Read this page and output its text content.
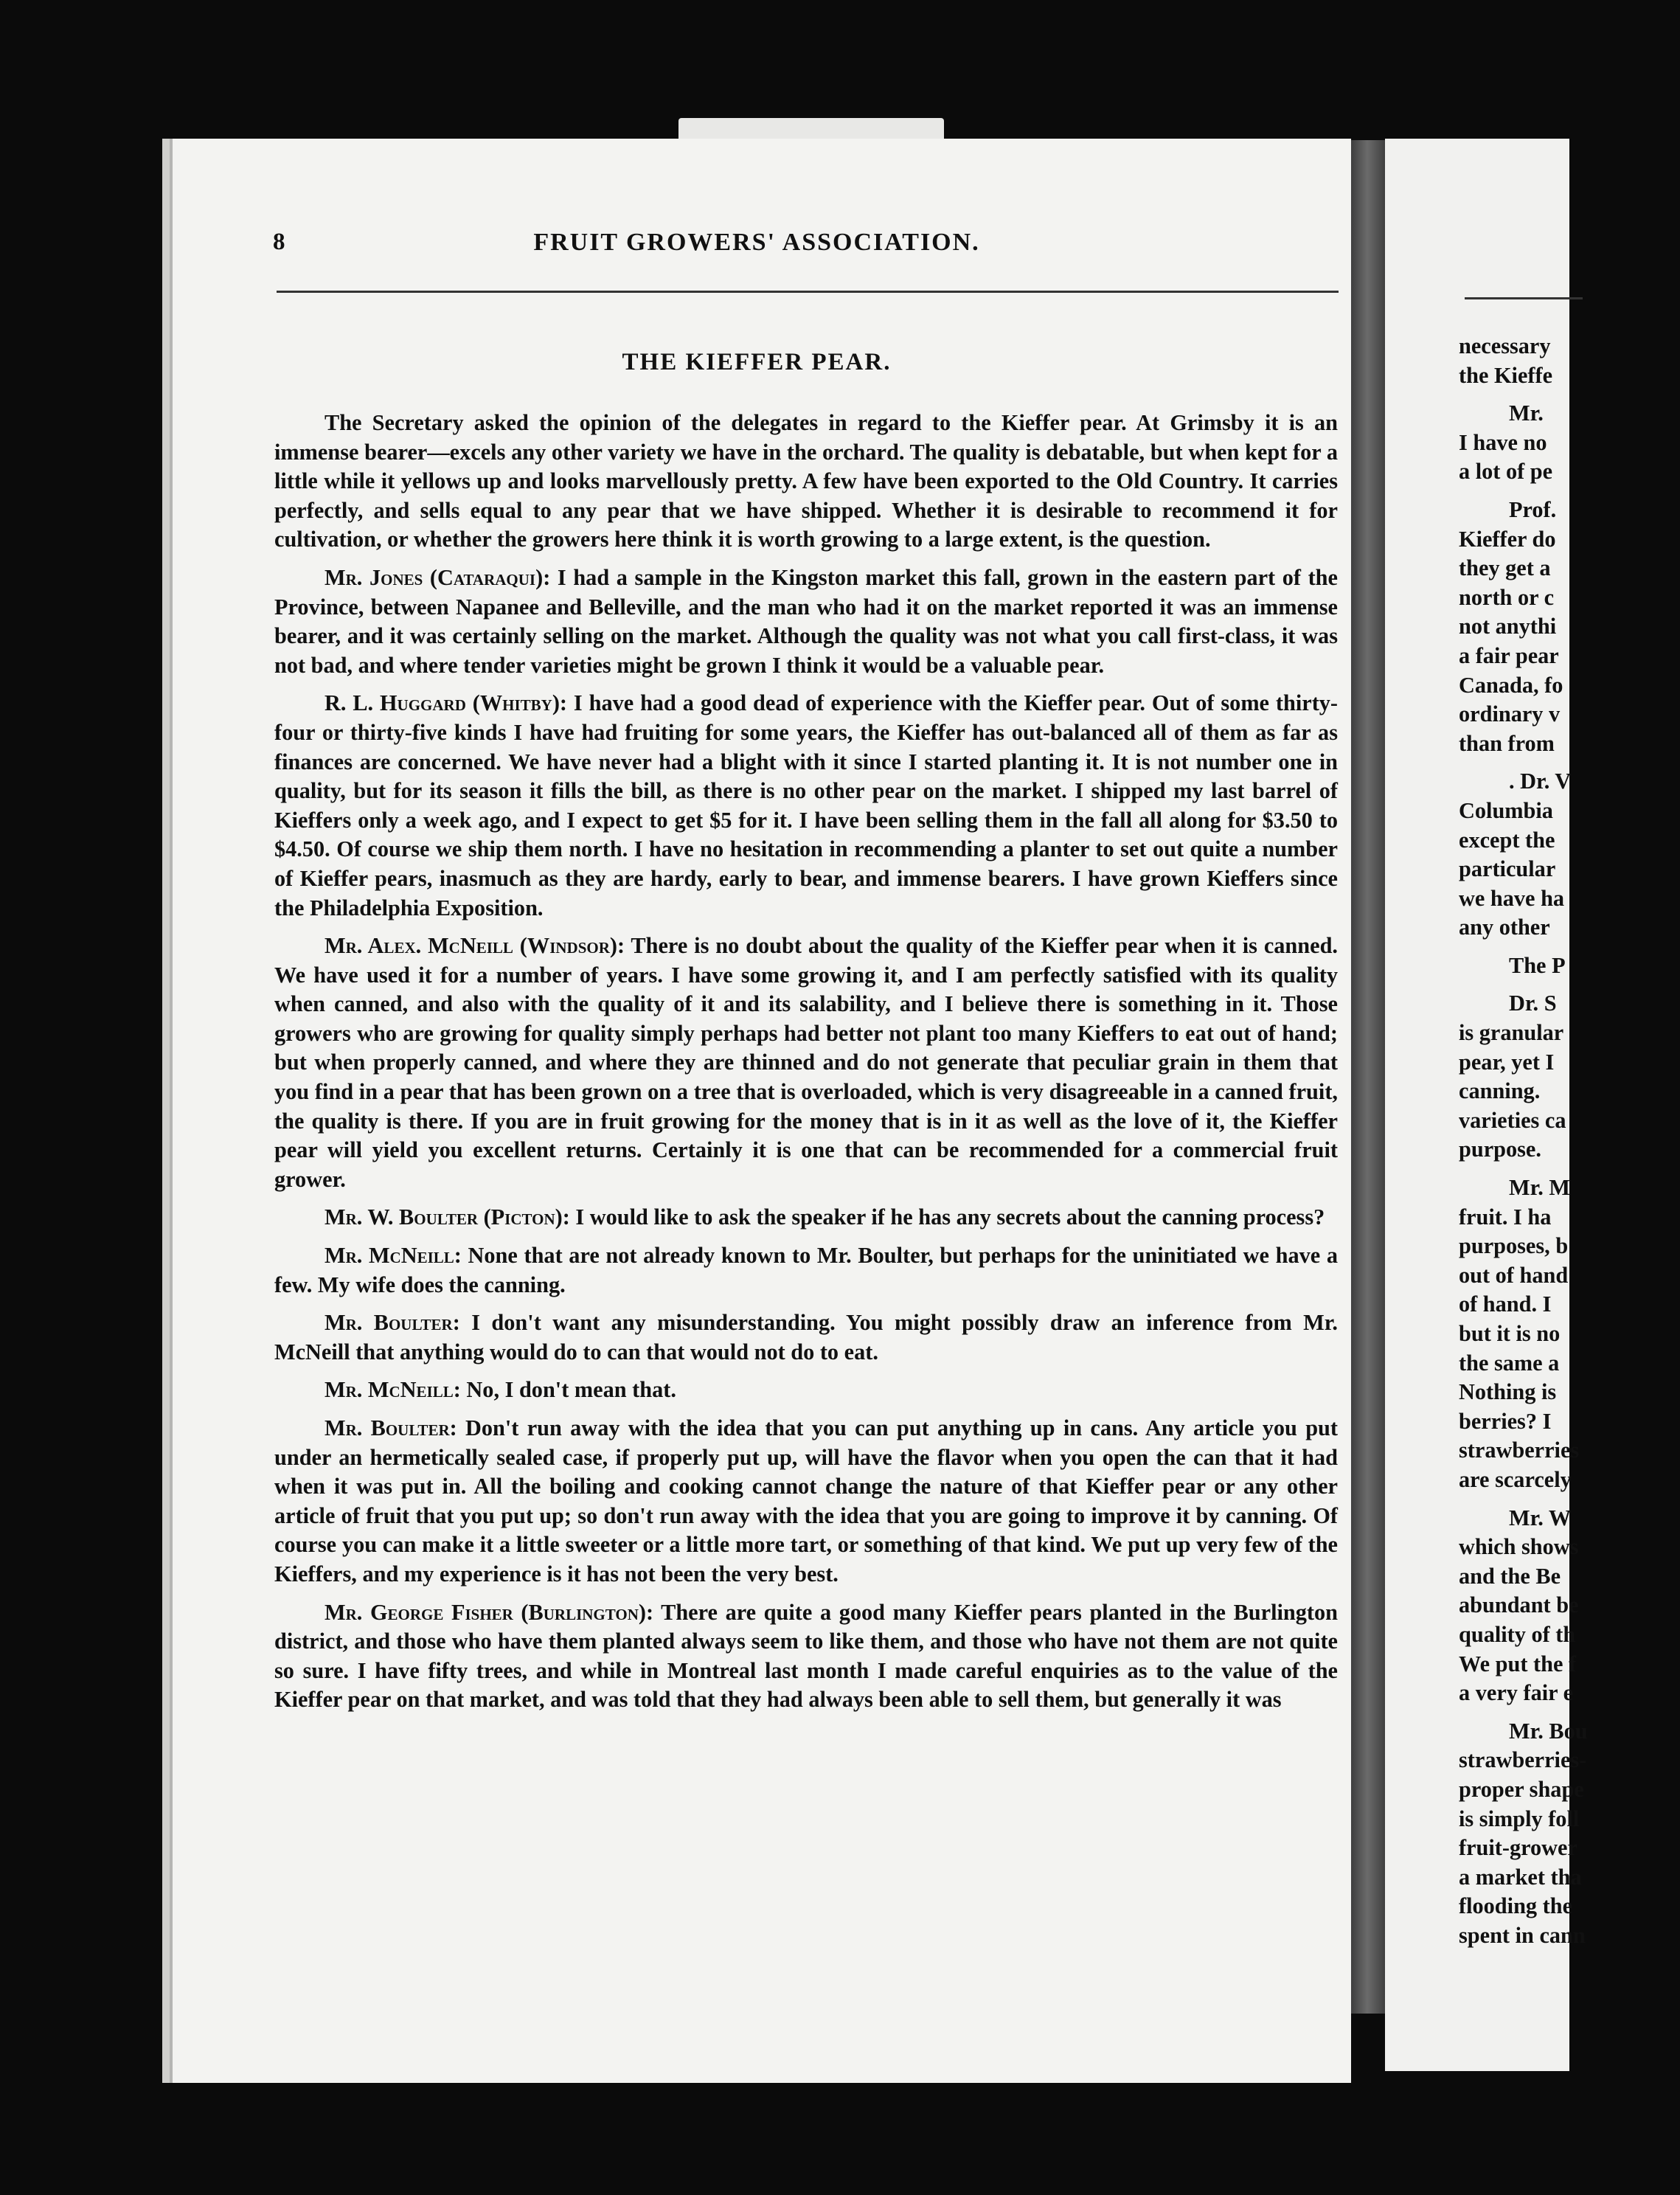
8	FRUIT GROWERS' ASSOCIATION.
THE KIEFFER PEAR.

The Secretary asked the opinion of the delegates in regard to the Kieffer pear. At Grimsby it is an immense bearer—excels any other variety we have in the orchard. The quality is debatable, but when kept for a little while it yellows up and looks marvellously pretty. A few have been exported to the Old Country. It carries perfectly, and sells equal to any pear that we have shipped. Whether it is desirable to recommend it for cultivation, or whether the growers here think it is worth growing to a large extent, is the question.

Mr. Jones (Cataraqui): I had a sample in the Kingston market this fall, grown in the eastern part of the Province, between Napanee and Belleville, and the man who had it on the market reported it was an immense bearer, and it was certainly selling on the market. Although the quality was not what you call first-class, it was not bad, and where tender varieties might be grown I think it would be a valuable pear.

R. L. Huggard (Whitby): I have had a good dead of experience with the Kieffer pear. Out of some thirty-four or thirty-five kinds I have had fruiting for some years, the Kieffer has out-balanced all of them as far as finances are concerned. We have never had a blight with it since I started planting it. It is not number one in quality, but for its season it fills the bill, as there is no other pear on the market. I shipped my last barrel of Kieffers only a week ago, and I expect to get $5 for it. I have been selling them in the fall all along for $3.50 to $4.50. Of course we ship them north. I have no hesitation in recommending a planter to set out quite a number of Kieffer pears, inasmuch as they are hardy, early to bear, and immense bearers. I have grown Kieffers since the Philadelphia Exposition.

Mr. Alex. McNeill (Windsor): There is no doubt about the quality of the Kieffer pear when it is canned. We have used it for a number of years. I have some growing it, and I am perfectly satisfied with its quality when canned, and also with the quality of it and its salability, and I believe there is something in it. Those growers who are growing for quality simply perhaps had better not plant too many Kieffers to eat out of hand; but when properly canned, and where they are thinned and do not generate that peculiar grain in them that you find in a pear that has been grown on a tree that is overloaded, which is very disagreeable in a canned fruit, the quality is there. If you are in fruit growing for the money that is in it as well as the love of it, the Kieffer pear will yield you excellent returns. Certainly it is one that can be recommended for a commercial fruit grower.

Mr. W. Boulter (Picton): I would like to ask the speaker if he has any secrets about the canning process?

Mr. McNeill: None that are not already known to Mr. Boulter, but perhaps for the uninitiated we have a few. My wife does the canning.

Mr. Boulter: I don't want any misunderstanding. You might possibly draw an inference from Mr. McNeill that anything would do to can that would not do to eat.

Mr. McNeill: No, I don't mean that.

Mr. Boulter: Don't run away with the idea that you can put anything up in cans. Any article you put under an hermetically sealed case, if properly put up, will have the flavor when you open the can that it had when it was put in. All the boiling and cooking cannot change the nature of that Kieffer pear or any other article of fruit that you put up; so don't run away with the idea that you are going to improve it by canning. Of course you can make it a little sweeter or a little more tart, or something of that kind. We put up very few of the Kieffers, and my experience is it has not been the very best.

Mr. George Fisher (Burlington): There are quite a good many Kieffer pears planted in the Burlington district, and those who have them planted always seem to like them, and those who have not them are not quite so sure. I have fifty trees, and while in Montreal last month I made careful enquiries as to the value of the Kieffer pear on that market, and was told that they had always been able to sell them, but generally it was

necessary
the Kieffe
Mr.
I have no
a lot of pe
Prof.
Kieffer do
they get a
north or c
not anythi
a fair pear
Canada, fo
ordinary v
than from
. Dr. V
Columbia
except the
particular
we have ha
any other
The P
Dr. S
is granular
pear, yet I
canning.
varieties ca
purpose.
Mr. M
fruit. I ha
purposes, b
out of hand
of hand. I
but it is no
the same a
Nothing is
berries? I
strawberries
are scarcely
Mr. W
which shows
and the Be
abundant be
quality of th
We put the f
a very fair e
Mr. Bou
strawberries-
proper shape
is simply foll
fruit-grower
a market tha
flooding the
spent in cann
